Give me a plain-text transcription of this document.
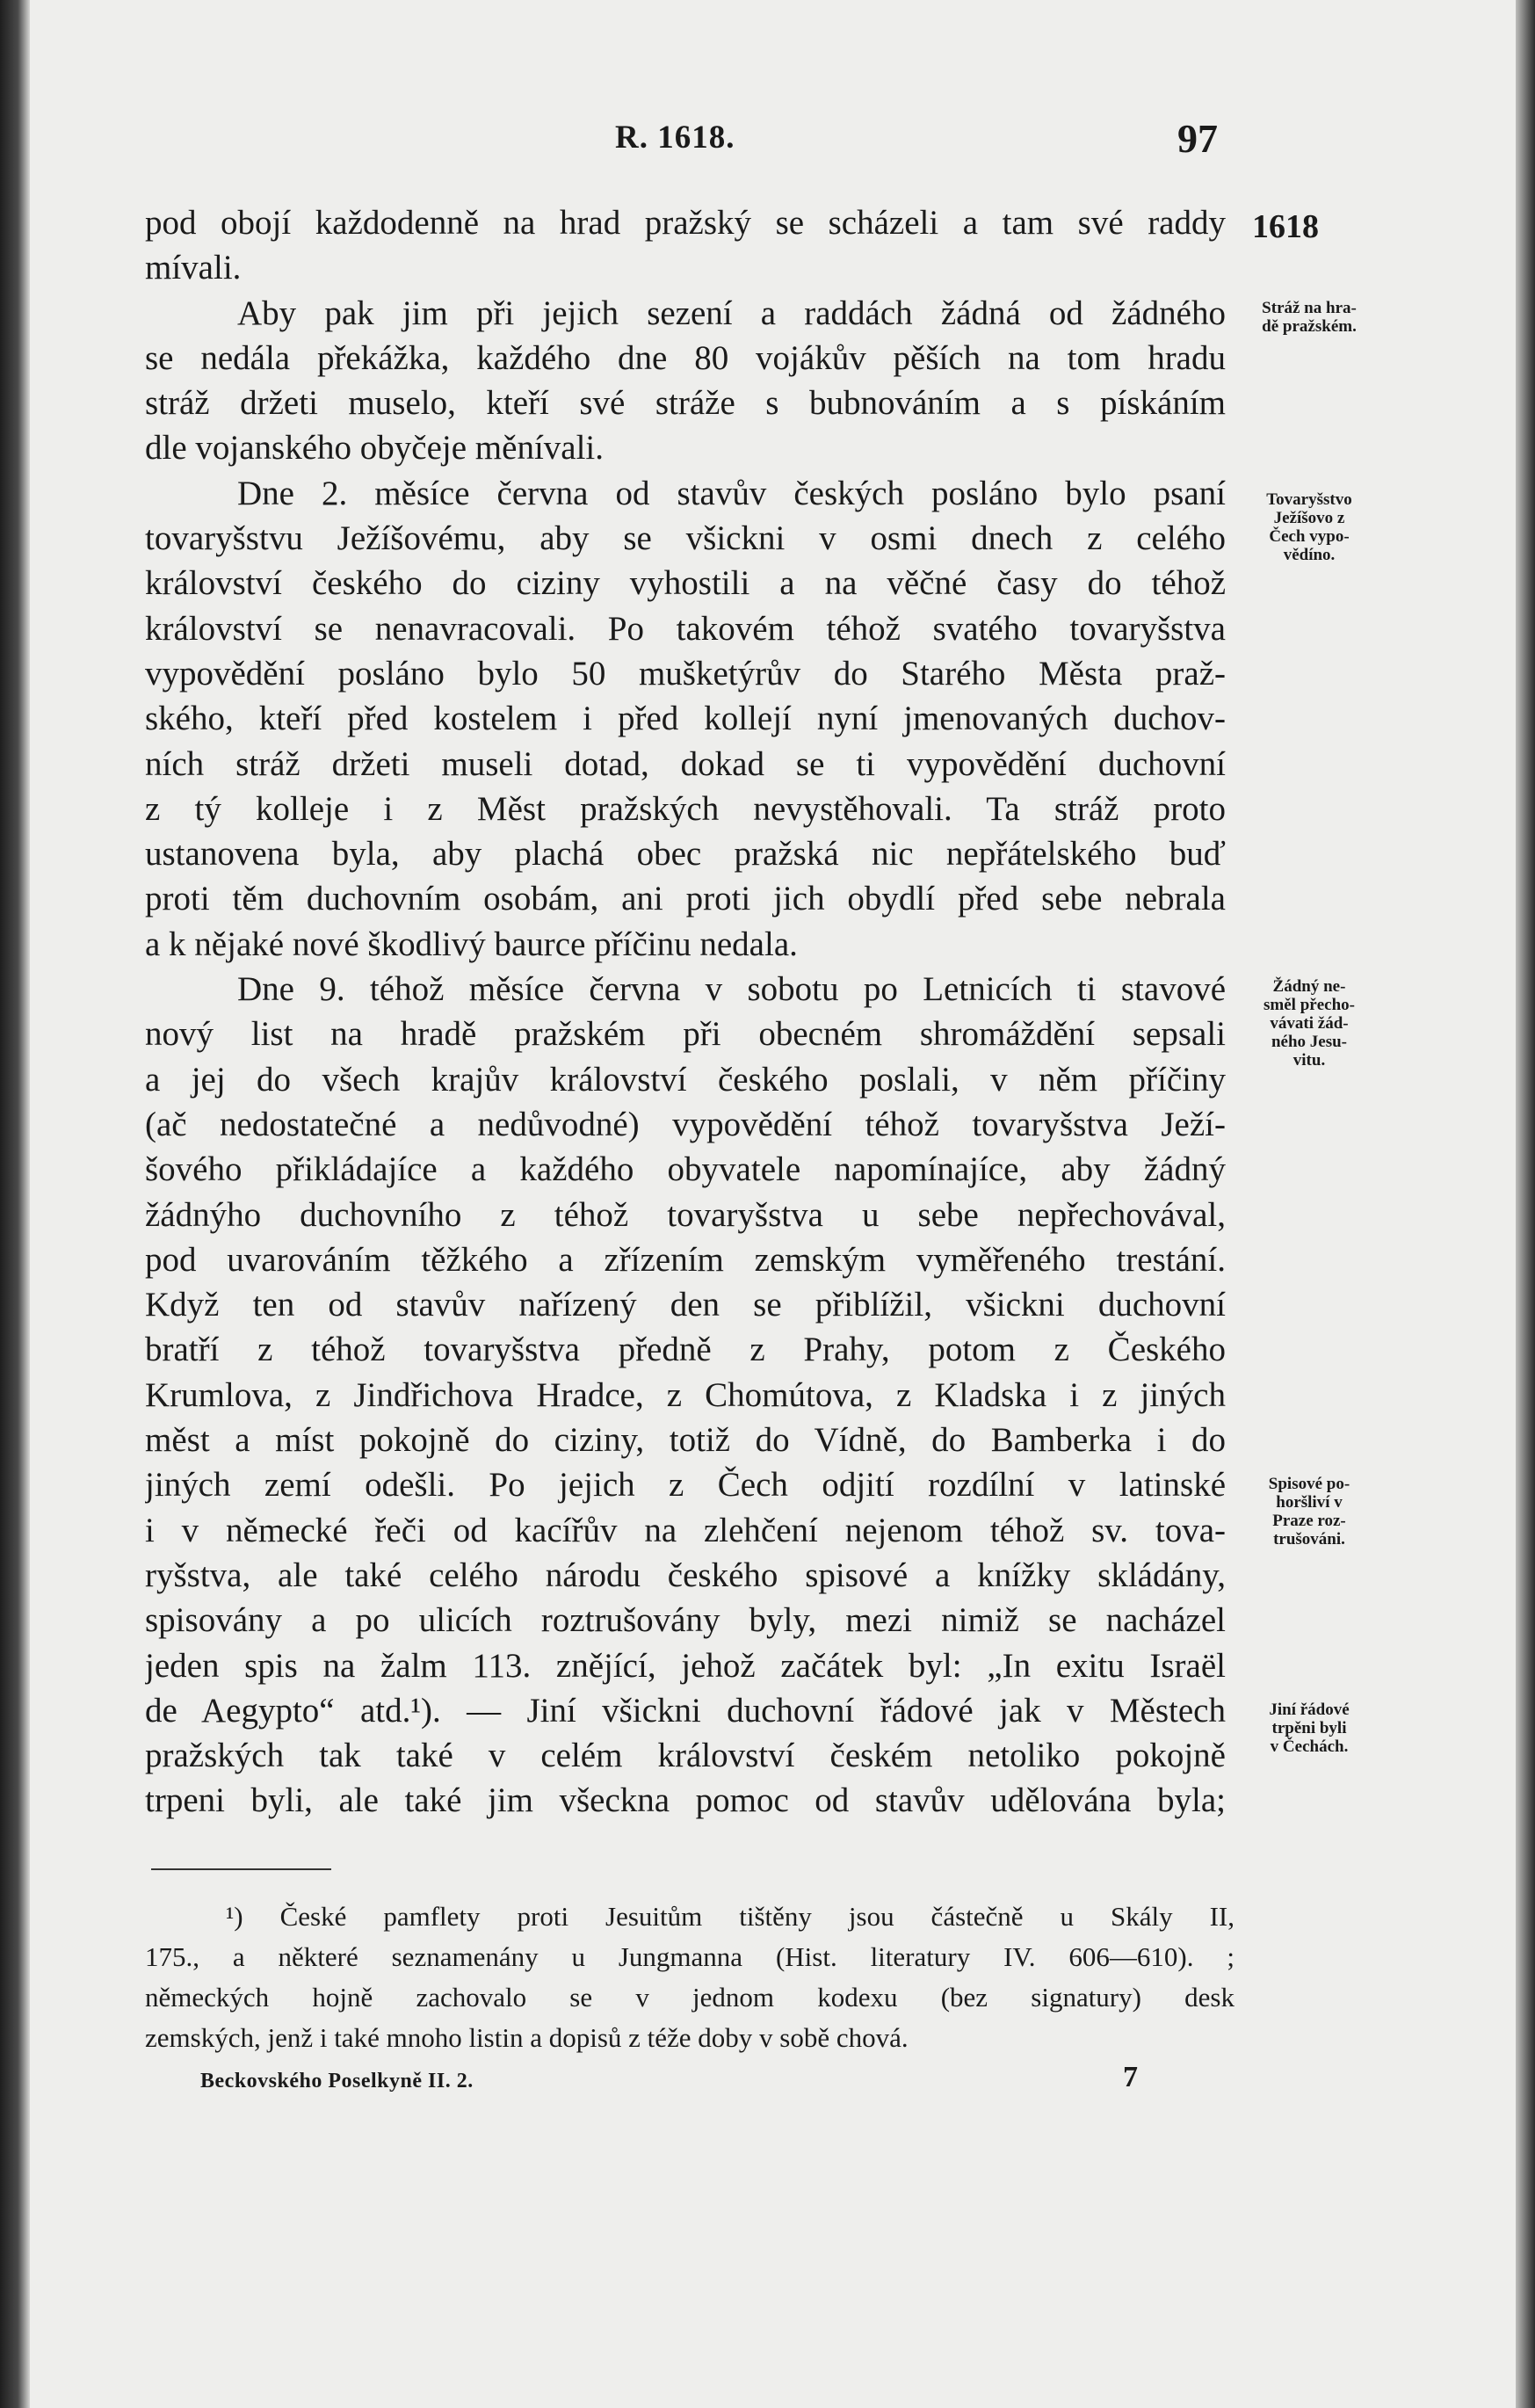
R. 1618.	97
1618
Stráž na hra-
dě pražském.
Tovaryšstvo
Ježíšovo z
Čech vypo-
vědíno.
Žádný ne-
směl přecho-
vávati žád-
ného Jesu-
vitu.
Spisové po-
horšliví v
Praze roz-
trušováni.
Jiní řádové
trpěni byli
v Čechách.
pod obojí každodenně na hrad pražský se scházeli a tam své raddy
mívali.
Aby pak jim při jejich sezení a raddách žádná od žádného
se nedála překážka, každého dne 80 vojákův pěších na tom hradu
stráž držeti muselo, kteří své stráže s bubnováním a s pískáním
dle vojanského obyčeje měnívali.
Dne 2. měsíce června od stavův českých posláno bylo psaní
tovaryšstvu Ježíšovému, aby se všickni v osmi dnech z celého
království českého do ciziny vyhostili a na věčné časy do téhož
království se nenavracovali. Po takovém téhož svatého tovaryšstva
vypovědění posláno bylo 50 mušketýrův do Starého Města praž-
ského, kteří před kostelem i před kollejí nyní jmenovaných duchov-
ních stráž držeti museli dotad, dokad se ti vypovědění duchovní
z tý kolleje i z Měst pražských nevystěhovali. Ta stráž proto
ustanovena byla, aby plachá obec pražská nic nepřátelského buď
proti těm duchovním osobám, ani proti jich obydlí před sebe nebrala
a k nějaké nové škodlivý baurce příčinu nedala.
Dne 9. téhož měsíce června v sobotu po Letnicích ti stavové
nový list na hradě pražském při obecném shromáždění sepsali
a jej do všech krajův království českého poslali, v něm příčiny
(ač nedostatečné a nedůvodné) vypovědění téhož tovaryšstva Ježí-
šového přikládajíce a každého obyvatele napomínajíce, aby žádný
žádnýho duchovního z téhož tovaryšstva u sebe nepřechovával,
pod uvarováním těžkého a zřízením zemským vyměřeného trestání.
Když ten od stavův nařízený den se přiblížil, všickni duchovní
bratří z téhož tovaryšstva předně z Prahy, potom z Českého
Krumlova, z Jindřichova Hradce, z Chomútova, z Kladska i z jiných
měst a míst pokojně do ciziny, totiž do Vídně, do Bamberka i do
jiných zemí odešli. Po jejich z Čech odjití rozdílní v latinské
i v německé řeči od kacířův na zlehčení nejenom téhož sv. tova-
ryšstva, ale také celého národu českého spisové a knížky skládány,
spisovány a po ulicích roztrušovány byly, mezi nimiž se nacházel
jeden spis na žalm 113. znějící, jehož začátek byl: „In exitu Israël
de Aegypto“ atd.¹). — Jiní všickni duchovní řádové jak v Městech
pražských tak také v celém království českém netoliko pokojně
trpeni byli, ale také jim všeckna pomoc od stavův udělována byla;
¹) České pamflety proti Jesuitům tištěny jsou částečně u Skály II,
175., a některé seznamenány u Jungmanna (Hist. literatury IV. 606—610). ;
německých hojně zachovalo se v jednom kodexu (bez signatury) desk
zemských, jenž i také mnoho listin a dopisů z téže doby v sobě chová.
Beckovského Poselkyně II. 2.	7
